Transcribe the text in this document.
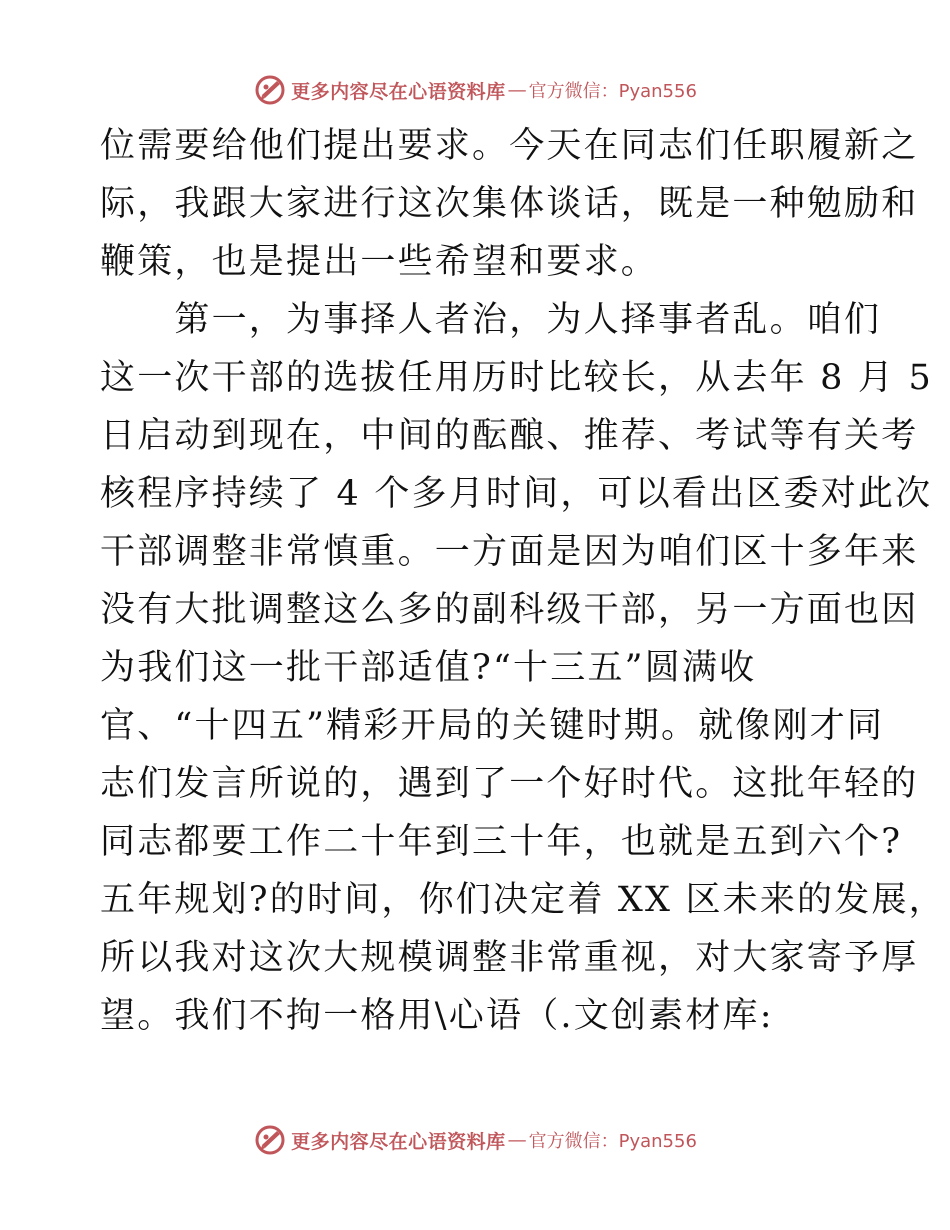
更多内容尽在心语资料库 — 官方微信：Pyan556
位需要给他们提出要求。今天在同志们任职履新之
际，我跟大家进行这次集体谈话，既是一种勉励和
鞭策，也是提出一些希望和要求。
　　第一，为事择人者治，为人择事者乱。咱们
这一次干部的选拔任用历时比较长，从去年 8 月 5
日启动到现在，中间的酝酿、推荐、考试等有关考
核程序持续了 4 个多月时间，可以看出区委对此次
干部调整非常慎重。一方面是因为咱们区十多年来
没有大批调整这么多的副科级干部，另一方面也因
为我们这一批干部适值?“十三五”圆满收
官、“十四五”精彩开局的关键时期。就像刚才同
志们发言所说的，遇到了一个好时代。这批年轻的
同志都要工作二十年到三十年，也就是五到六个?
五年规划?的时间，你们决定着 XX 区未来的发展，
所以我对这次大规模调整非常重视，对大家寄予厚
望。我们不拘一格用\心语（.文创素材库:
更多内容尽在心语资料库 — 官方微信：Pyan556
